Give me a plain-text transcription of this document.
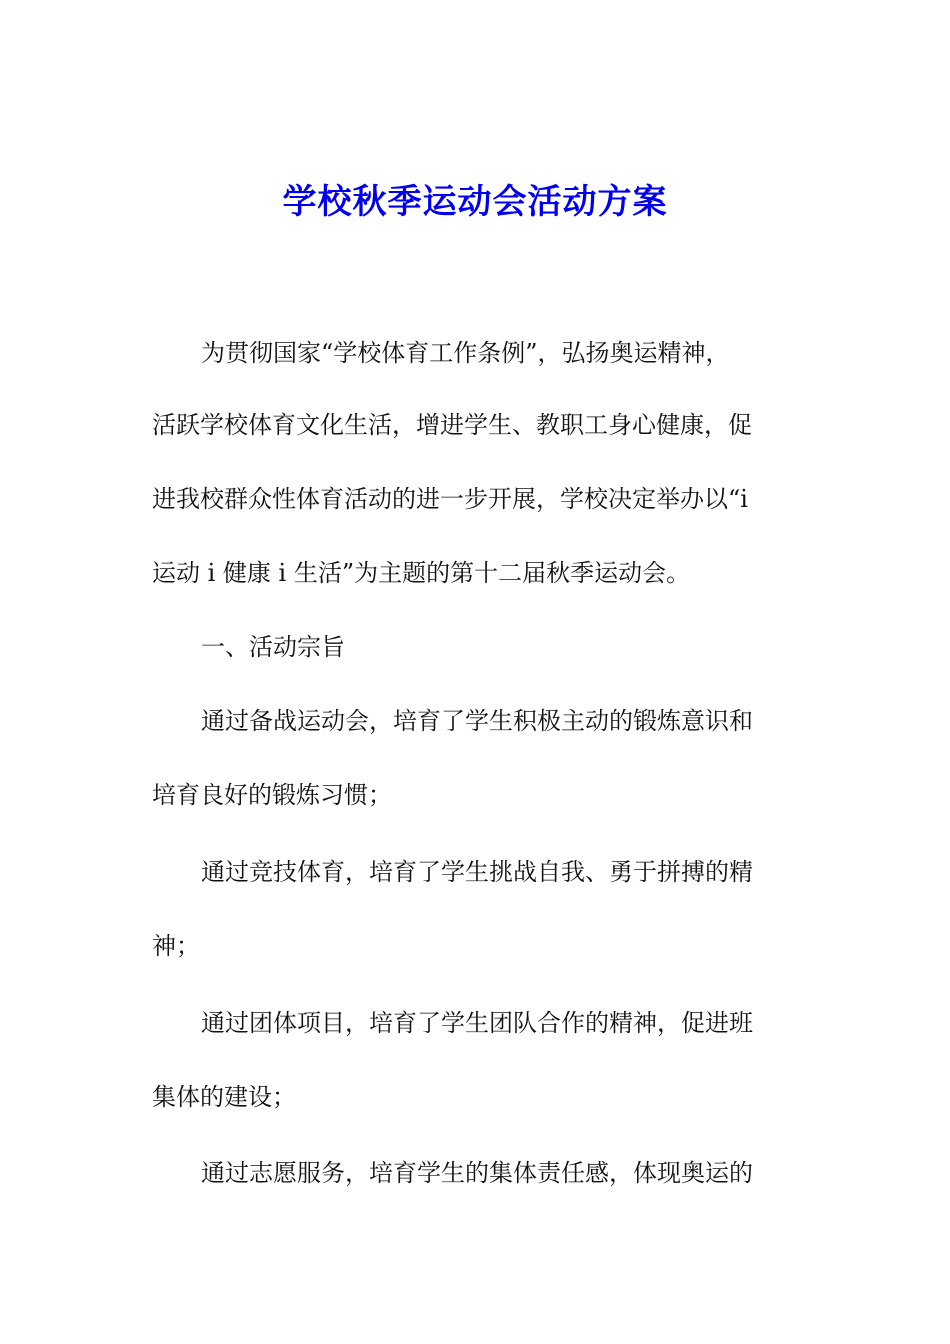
学校秋季运动会活动方案
为贯彻国家“学校体育工作条例”，弘扬奥运精神，
活跃学校体育文化生活，增进学生、教职工身心健康，促
进我校群众性体育活动的进一步开展，学校决定举办以“i
运动 i 健康 i 生活”为主题的第十二届秋季运动会。
一、活动宗旨
通过备战运动会，培育了学生积极主动的锻炼意识和
培育良好的锻炼习惯；
通过竞技体育，培育了学生挑战自我、勇于拼搏的精
神；
通过团体项目，培育了学生团队合作的精神，促进班
集体的建设；
通过志愿服务，培育学生的集体责任感，体现奥运的
